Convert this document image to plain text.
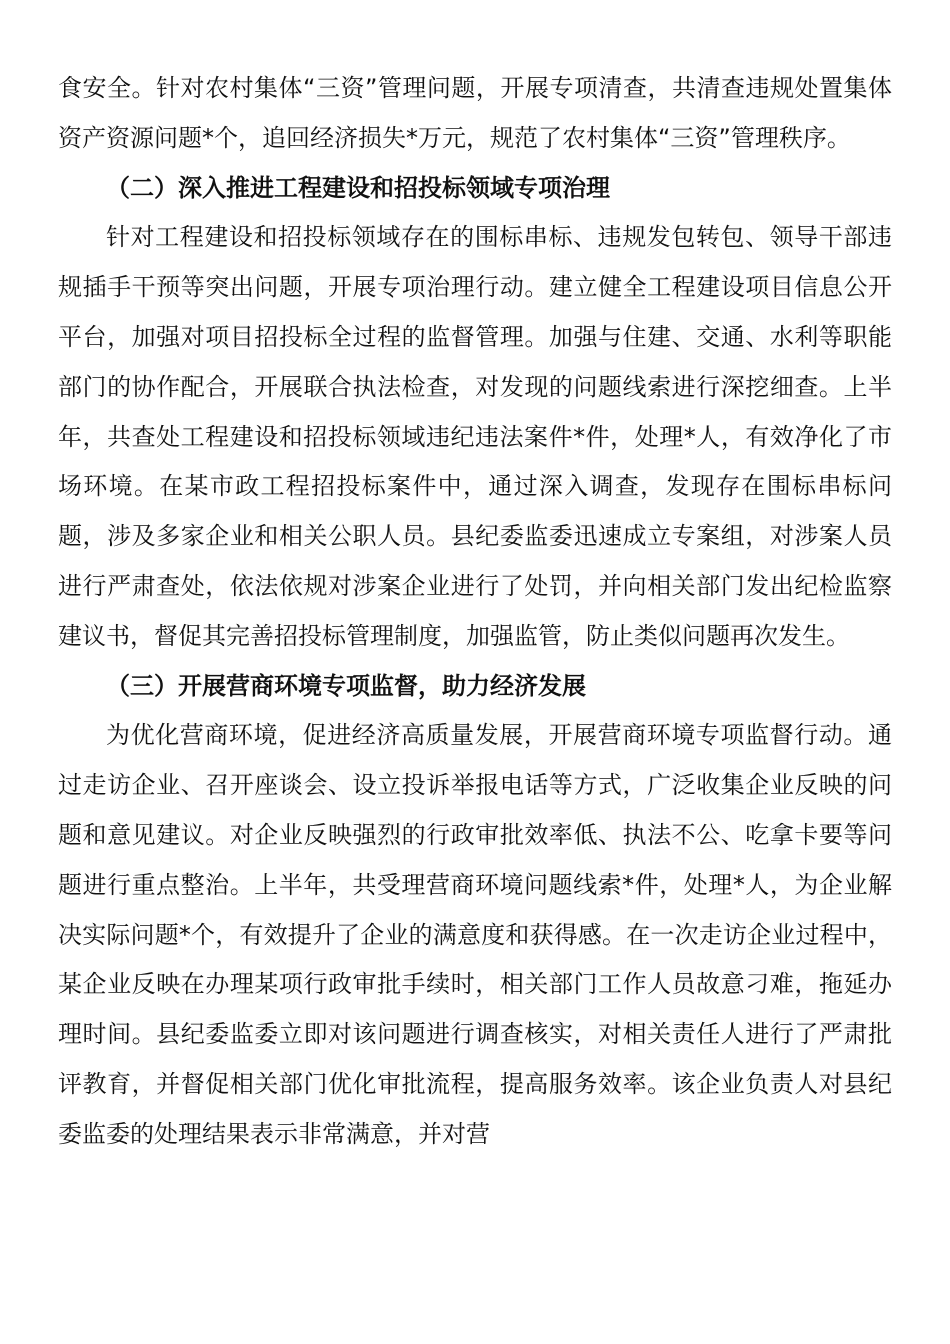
食安全。针对农村集体“三资”管理问题，开展专项清查，共清查违规处置集体资产资源问题*个，追回经济损失*万元，规范了农村集体“三资”管理秩序。

（二）深入推进工程建设和招投标领域专项治理

针对工程建设和招投标领域存在的围标串标、违规发包转包、领导干部违规插手干预等突出问题，开展专项治理行动。建立健全工程建设项目信息公开平台，加强对项目招投标全过程的监督管理。加强与住建、交通、水利等职能部门的协作配合，开展联合执法检查，对发现的问题线索进行深挖细查。上半年，共查处工程建设和招投标领域违纪违法案件*件，处理*人，有效净化了市场环境。在某市政工程招投标案件中，通过深入调查，发现存在围标串标问题，涉及多家企业和相关公职人员。县纪委监委迅速成立专案组，对涉案人员进行严肃查处，依法依规对涉案企业进行了处罚，并向相关部门发出纪检监察建议书，督促其完善招投标管理制度，加强监管，防止类似问题再次发生。

（三）开展营商环境专项监督，助力经济发展

为优化营商环境，促进经济高质量发展，开展营商环境专项监督行动。通过走访企业、召开座谈会、设立投诉举报电话等方式，广泛收集企业反映的问题和意见建议。对企业反映强烈的行政审批效率低、执法不公、吃拿卡要等问题进行重点整治。上半年，共受理营商环境问题线索*件，处理*人，为企业解决实际问题*个，有效提升了企业的满意度和获得感。在一次走访企业过程中，某企业反映在办理某项行政审批手续时，相关部门工作人员故意刁难，拖延办理时间。县纪委监委立即对该问题进行调查核实，对相关责任人进行了严肃批评教育，并督促相关部门优化审批流程，提高服务效率。该企业负责人对县纪委监委的处理结果表示非常满意，并对营
